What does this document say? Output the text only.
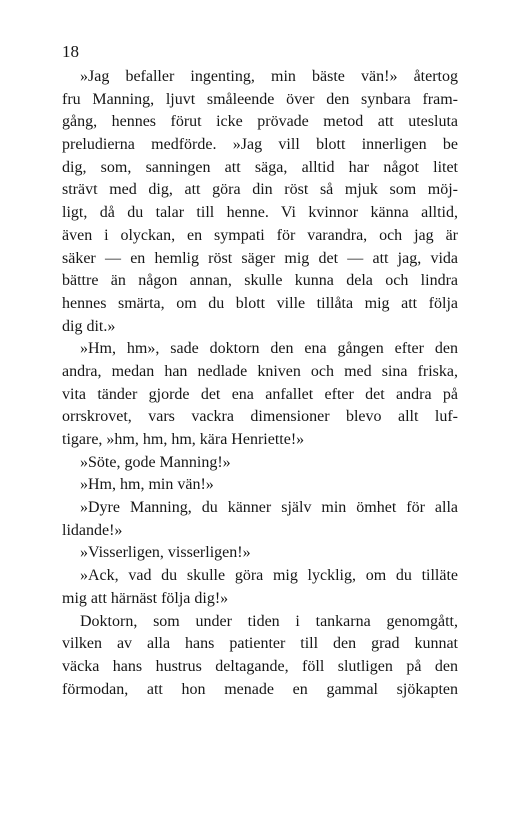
18
»Jag befaller ingenting, min bäste vän!» återtog
fru Manning, ljuvt småleende över den synbara fram-
gång, hennes förut icke prövade metod att utesluta
preludierna medförde. »Jag vill blott innerligen be
dig, som, sanningen att säga, alltid har något litet
strävt med dig, att göra din röst så mjuk som möj-
ligt, då du talar till henne. Vi kvinnor känna alltid,
även i olyckan, en sympati för varandra, och jag är
säker — en hemlig röst säger mig det — att jag, vida
bättre än någon annan, skulle kunna dela och lindra
hennes smärta, om du blott ville tillåta mig att följa
dig dit.»
»Hm, hm», sade doktorn den ena gången efter den
andra, medan han nedlade kniven och med sina friska,
vita tänder gjorde det ena anfallet efter det andra på
orrskrovet, vars vackra dimensioner blevo allt luf-
tigare, »hm, hm, hm, kära Henriette!»
»Söte, gode Manning!»
»Hm, hm, min vän!»
»Dyre Manning, du känner själv min ömhet för alla
lidande!»
»Visserligen, visserligen!»
»Ack, vad du skulle göra mig lycklig, om du tilläte
mig att härnäst följa dig!»
Doktorn, som under tiden i tankarna genomgått,
vilken av alla hans patienter till den grad kunnat
väcka hans hustrus deltagande, föll slutligen på den
förmodan, att hon menade en gammal sjökapten
